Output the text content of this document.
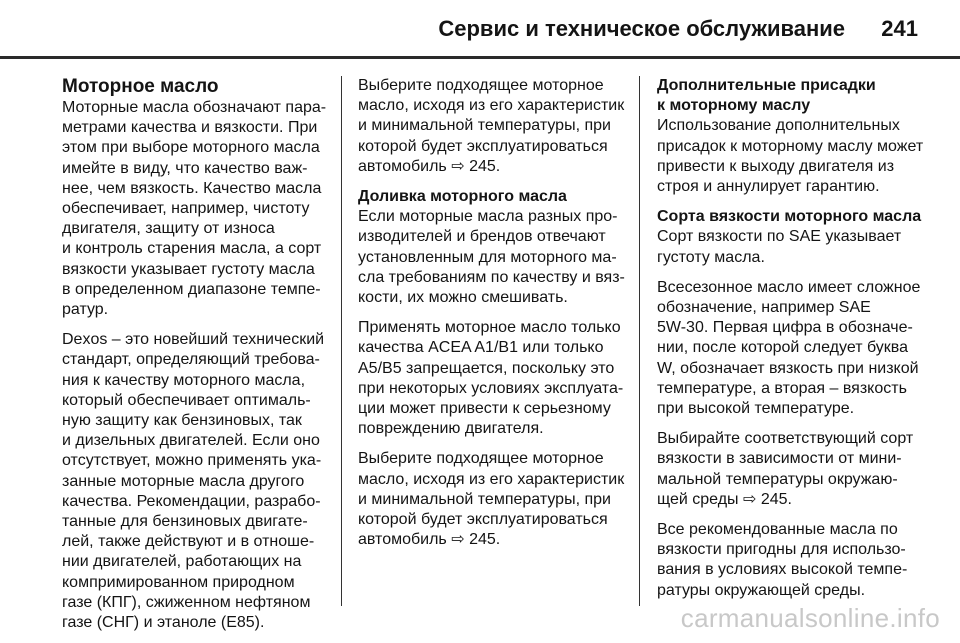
Сервис и техническое обслуживание 241
Моторное масло

Моторные масла обозначают пара-
метрами качества и вязкости. При
этом при выборе моторного масла
имейте в виду, что качество важ-
нее, чем вязкость. Качество масла
обеспечивает, например, чистоту
двигателя, защиту от износа
и контроль старения масла, а сорт
вязкости указывает густоту масла
в определенном диапазоне темпе-
ратур.

Dexos – это новейший технический
стандарт, определяющий требова-
ния к качеству моторного масла,
который обеспечивает оптималь-
ную защиту как бензиновых, так
и дизельных двигателей. Если оно
отсутствует, можно применять ука-
занные моторные масла другого
качества. Рекомендации, разрабо-
танные для бензиновых двигате-
лей, также действуют и в отноше-
нии двигателей, работающих на
компримированном природном
газе (КПГ), сжиженном нефтяном
газе (СНГ) и этаноле (E85).

Выберите подходящее моторное
масло, исходя из его характеристик
и минимальной температуры, при
которой будет эксплуатироваться
автомобиль ⇨ 245.

Доливка моторного масла

Если моторные масла разных про-
изводителей и брендов отвечают
установленным для моторного ма-
сла требованиям по качеству и вяз-
кости, их можно смешивать.

Применять моторное масло только
качества ACEA A1/B1 или только
A5/B5 запрещается, поскольку это
при некоторых условиях эксплуата-
ции может привести к серьезному
повреждению двигателя.

Выберите подходящее моторное
масло, исходя из его характеристик
и минимальной температуры, при
которой будет эксплуатироваться
автомобиль ⇨ 245.

Дополнительные присадки
к моторному маслу

Использование дополнительных
присадок к моторному маслу может
привести к выходу двигателя из
строя и аннулирует гарантию.

Сорта вязкости моторного масла

Сорт вязкости по SAE указывает
густоту масла.

Всесезонное масло имеет сложное
обозначение, например SAE
5W-30. Первая цифра в обозначе-
нии, после которой следует буква
W, обозначает вязкость при низкой
температуре, а вторая – вязкость
при высокой температуре.

Выбирайте соответствующий сорт
вязкости в зависимости от мини-
мальной температуры окружаю-
щей среды ⇨ 245.

Все рекомендованные масла по
вязкости пригодны для использо-
вания в условиях высокой темпе-
ратуры окружающей среды.

carmanualsonline.info
